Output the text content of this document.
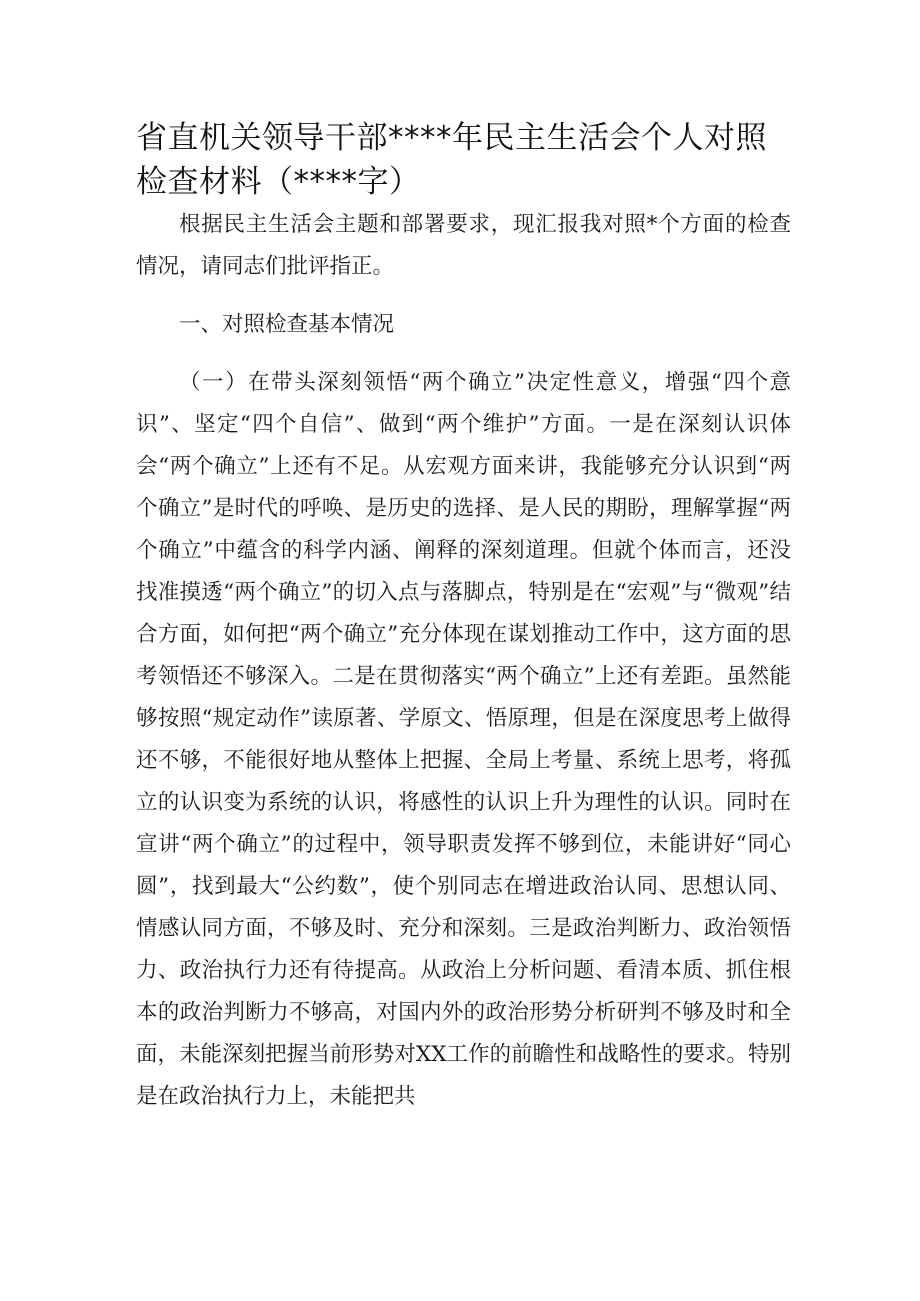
省直机关领导干部****年民主生活会个人对照检查材料（****字）

根据民主生活会主题和部署要求，现汇报我对照*个方面的检查情况，请同志们批评指正。

一、对照检查基本情况

（一）在带头深刻领悟“两个确立”决定性意义，增强“四个意识”、坚定“四个自信”、做到“两个维护”方面。一是在深刻认识体会“两个确立”上还有不足。从宏观方面来讲，我能够充分认识到“两个确立”是时代的呼唤、是历史的选择、是人民的期盼，理解掌握“两个确立”中蕴含的科学内涵、阐释的深刻道理。但就个体而言，还没找准摸透“两个确立”的切入点与落脚点，特别是在“宏观”与“微观”结合方面，如何把“两个确立”充分体现在谋划推动工作中，这方面的思考领悟还不够深入。二是在贯彻落实“两个确立”上还有差距。虽然能够按照“规定动作”读原著、学原文、悟原理，但是在深度思考上做得还不够，不能很好地从整体上把握、全局上考量、系统上思考，将孤立的认识变为系统的认识，将感性的认识上升为理性的认识。同时在宣讲“两个确立”的过程中，领导职责发挥不够到位，未能讲好“同心圆”，找到最大“公约数”，使个别同志在增进政治认同、思想认同、情感认同方面，不够及时、充分和深刻。三是政治判断力、政治领悟力、政治执行力还有待提高。从政治上分析问题、看清本质、抓住根本的政治判断力不够高，对国内外的政治形势分析研判不够及时和全面，未能深刻把握当前形势对XX工作的前瞻性和战略性的要求。特别是在政治执行力上，未能把共
